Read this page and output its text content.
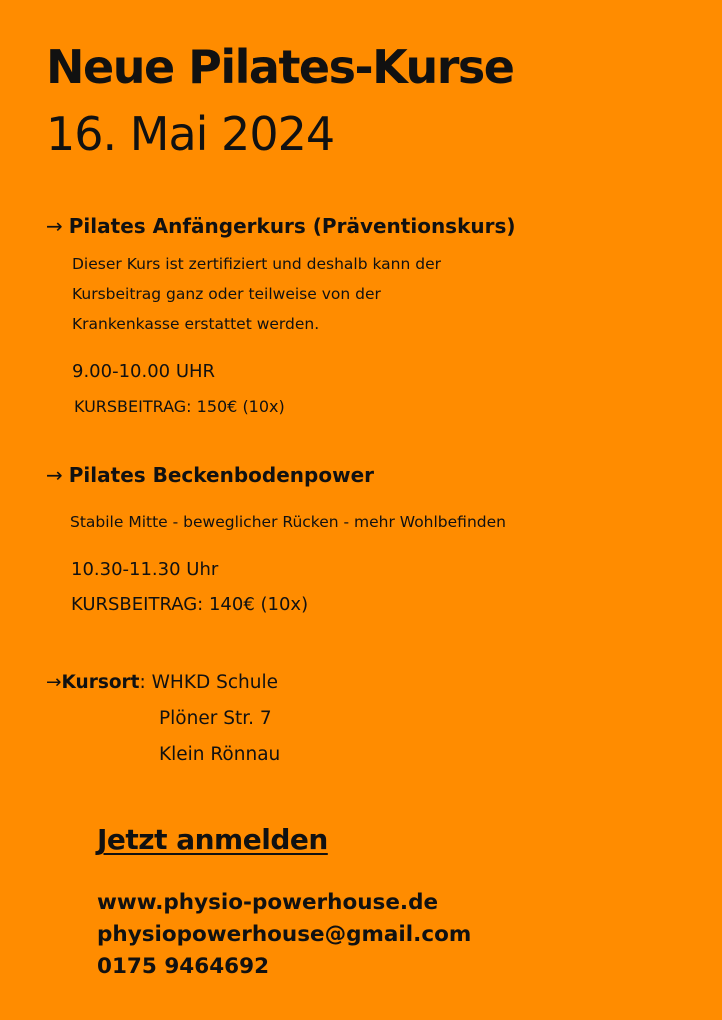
Neue Pilates-Kurse
16. Mai 2024
→ Pilates Anfängerkurs (Präventionskurs)
Dieser Kurs ist zertifiziert und deshalb kann der
Kursbeitrag ganz oder teilweise von der
Krankenkasse erstattet werden.
9.00-10.00 UHR
KURSBEITRAG: 150€ (10x)
→ Pilates Beckenbodenpower
Stabile Mitte - beweglicher Rücken - mehr Wohlbefinden
10.30-11.30 Uhr
KURSBEITRAG: 140€ (10x)
→Kursort: WHKD Schule
Plöner Str. 7
Klein Rönnau
Jetzt anmelden
www.physio-powerhouse.de
physiopowerhouse@gmail.com
0175 9464692
